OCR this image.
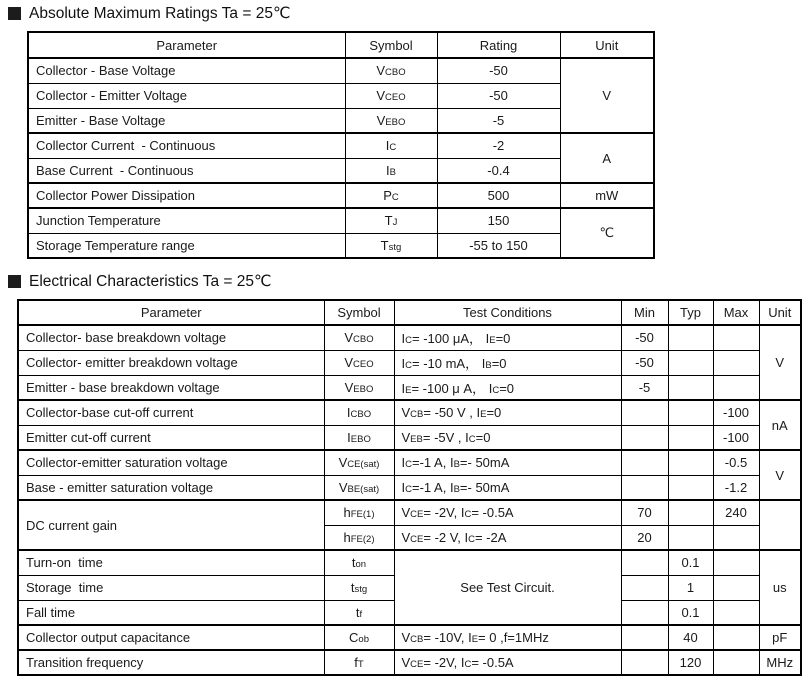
Absolute Maximum Ratings Ta = 25℃
Parameter	Symbol	Rating	Unit
Collector - Base Voltage	VCBO	-50	V
Collector - Emitter Voltage	VCEO	-50	
Emitter - Base Voltage	VEBO	-5	
Collector Current  - Continuous	IC	-2	A
Base Current  - Continuous	IB	-0.4	
Collector Power Dissipation	PC	500	mW
Junction Temperature	TJ	150	℃
Storage Temperature range	Tstg	-55 to 150	
Electrical Characteristics Ta = 25℃
Parameter	Symbol	Test Conditions	Min	Typ	Max	Unit
Collector- base breakdown voltage	VCBO	IC= -100 μA， IE=0	-50			V
Collector- emitter breakdown voltage	VCEO	IC= -10 mA， IB=0	-50			
Emitter - base breakdown voltage	VEBO	IE= -100 μ A， IC=0	-5			
Collector-base cut-off current	ICBO	VCB= -50 V , IE=0			-100	nA
Emitter cut-off current	IEBO	VEB= -5V , IC=0			-100	
Collector-emitter saturation voltage	VCE(sat)	IC=-1 A, IB=- 50mA			-0.5	V
Base - emitter saturation voltage	VBE(sat)	IC=-1 A, IB=- 50mA			-1.2	
DC current gain	hFE(1)	VCE= -2V, IC= -0.5A	70		240	
	hFE(2)	VCE= -2 V, IC= -2A	20			
Turn-on  time	ton	See Test Circuit.		0.1		us
Storage  time	tstg			1		
Fall time	tf			0.1		
Collector output capacitance	Cob	VCB= -10V, IE= 0 ,f=1MHz		40		pF
Transition frequency	fT	VCE= -2V, IC= -0.5A		120		MHz
